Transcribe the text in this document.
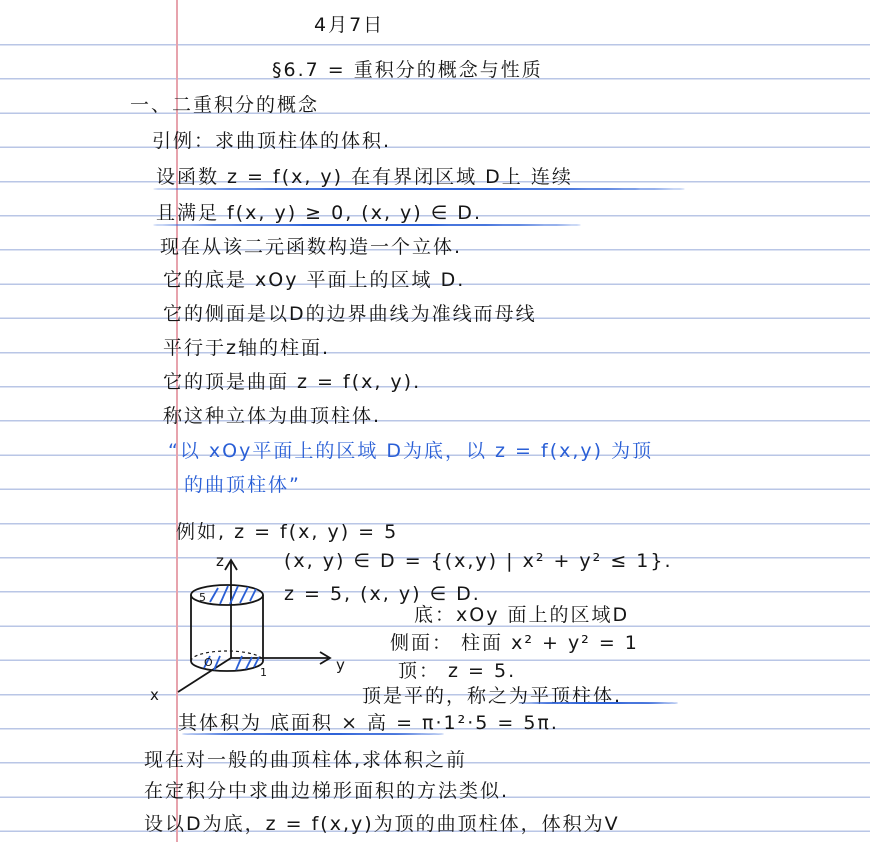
4月7日
§6.7 = 重积分的概念与性质
一、二重积分的概念
引例：求曲顶柱体的体积.
设函数 z = f(x, y) 在有界闭区域 D上 连续
且满足 f(x, y) ≥ 0, (x, y) ∈ D.
现在从该二元函数构造一个立体.
它的底是 xOy 平面上的区域 D.
它的侧面是以D的边界曲线为准线而母线
平行于z轴的柱面.
它的顶是曲面 z = f(x, y).
称这种立体为曲顶柱体.
“以 xOy平面上的区域 D为底，以 z = f(x,y) 为顶
的曲顶柱体”
例如, z = f(x, y) = 5
(x, y) ∈ D = {(x,y) | x² + y² ≤ 1}.
z = 5, (x, y) ∈ D.
底：xOy 面上的区域D
侧面： 柱面 x² + y² = 1
顶： z = 5.
顶是平的，称之为平顶柱体.
其体积为 底面积 × 高 = π·1²·5 = 5π.
现在对一般的曲顶柱体,求体积之前
在定积分中求曲边梯形面积的方法类似.
设以D为底，z = f(x,y)为顶的曲顶柱体，体积为V
z
y
x
5
O
1
